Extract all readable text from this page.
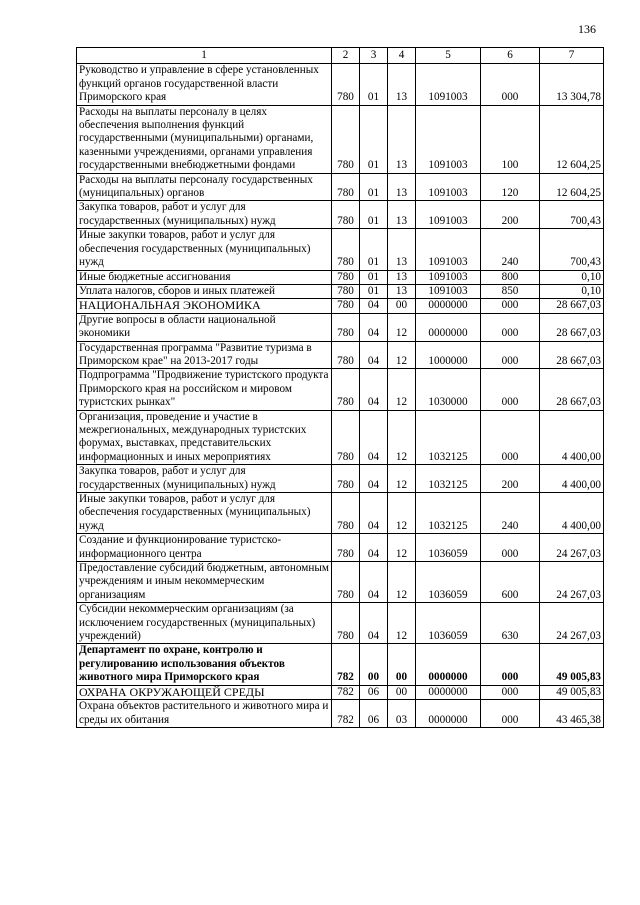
136
1	2	3	4	5	6	7
Руководство и управление в сфере установленных функций органов государственной власти Приморского края	780	01	13	1091003	000	13 304,78
Расходы на выплаты персоналу в целях обеспечения выполнения функций государственными (муниципальными) органами, казенными учреждениями, органами управления государственными внебюджетными фондами	780	01	13	1091003	100	12 604,25
Расходы на выплаты персоналу государственных (муниципальных) органов	780	01	13	1091003	120	12 604,25
Закупка товаров, работ и услуг для государственных (муниципальных) нужд	780	01	13	1091003	200	700,43
Иные закупки товаров, работ и услуг для обеспечения государственных (муниципальных) нужд	780	01	13	1091003	240	700,43
Иные бюджетные ассигнования	780	01	13	1091003	800	0,10
Уплата налогов, сборов и иных платежей	780	01	13	1091003	850	0,10
НАЦИОНАЛЬНАЯ ЭКОНОМИКА	780	04	00	0000000	000	28 667,03
Другие вопросы в области национальной экономики	780	04	12	0000000	000	28 667,03
Государственная программа "Развитие туризма в Приморском крае" на 2013-2017 годы	780	04	12	1000000	000	28 667,03
Подпрограмма "Продвижение туристского продукта Приморского края на российском и мировом туристских рынках"	780	04	12	1030000	000	28 667,03
Организация, проведение и участие в межрегиональных, международных туристских форумах, выставках, представительских информационных и иных мероприятиях	780	04	12	1032125	000	4 400,00
Закупка товаров, работ и услуг для государственных (муниципальных) нужд	780	04	12	1032125	200	4 400,00
Иные закупки товаров, работ и услуг для обеспечения государственных (муниципальных) нужд	780	04	12	1032125	240	4 400,00
Создание и функционирование туристско-информационного центра	780	04	12	1036059	000	24 267,03
Предоставление субсидий бюджетным, автономным учреждениям и иным некоммерческим организациям	780	04	12	1036059	600	24 267,03
Субсидии некоммерческим организациям (за исключением государственных (муниципальных) учреждений)	780	04	12	1036059	630	24 267,03
Департамент по охране, контролю и регулированию использования объектов животного мира Приморского края	782	00	00	0000000	000	49 005,83
ОХРАНА ОКРУЖАЮЩЕЙ СРЕДЫ	782	06	00	0000000	000	49 005,83
Охрана объектов растительного и животного мира и среды их обитания	782	06	03	0000000	000	43 465,38
